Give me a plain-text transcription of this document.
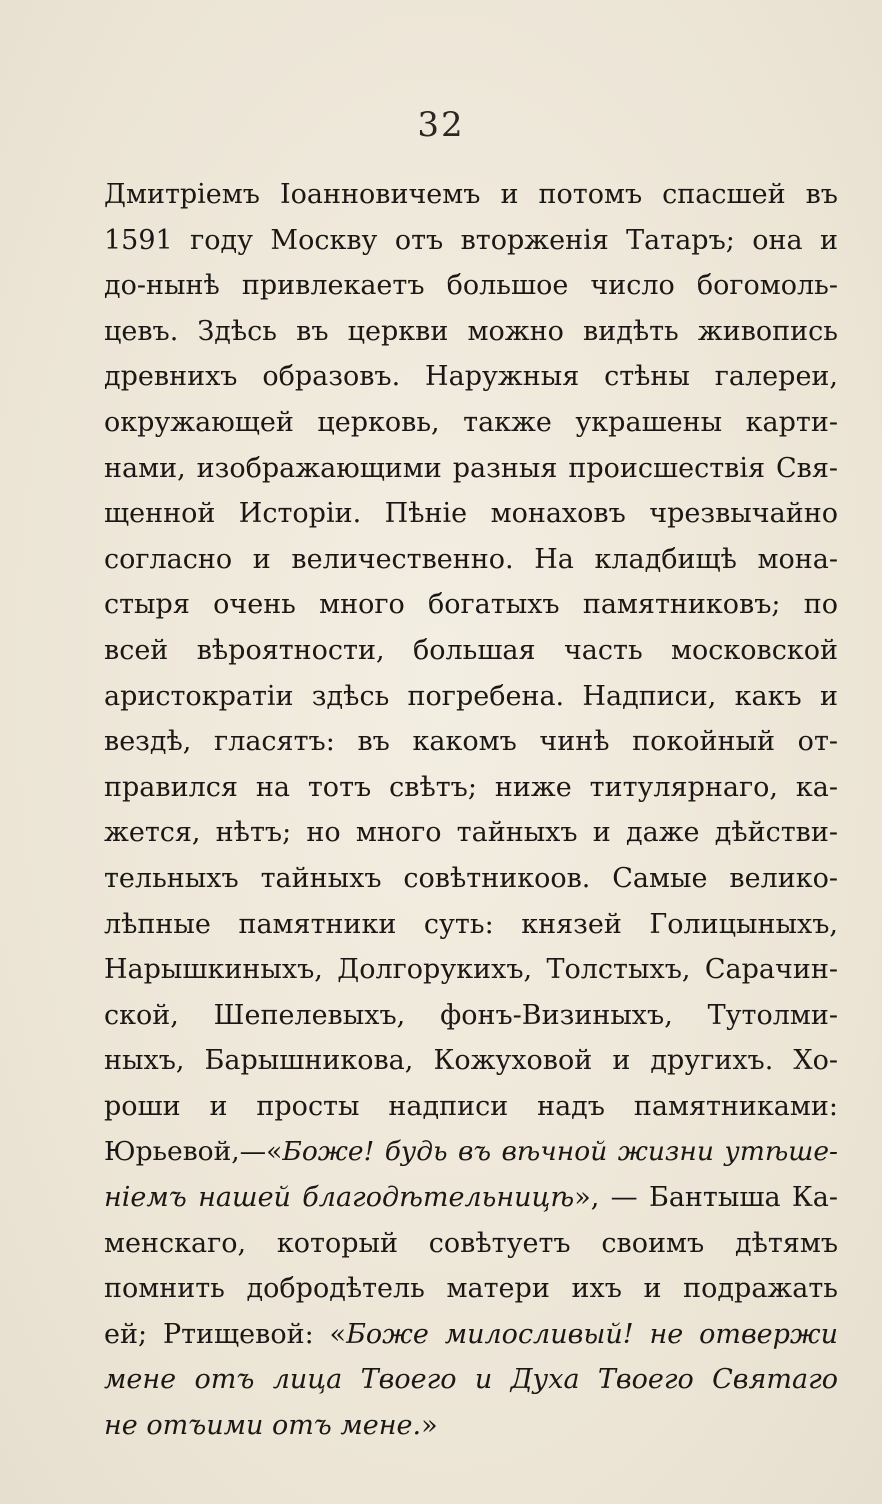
32
Дмитріемъ Іоанновичемъ и потомъ спасшей въ
1591 году Москву отъ вторженія Татаръ; она и
до-нынѣ привлекаетъ большое число богомоль-
цевъ. Здѣсь въ церкви можно видѣть живопись
древнихъ образовъ. Наружныя стѣны галереи,
окружающей церковь, также украшены карти-
нами, изображающими разныя происшествія Свя-
щенной Исторіи. Пѣніе монаховъ чрезвычайно
согласно и величественно. На кладбищѣ мона-
стыря очень много богатыхъ памятниковъ; по
всей вѣроятности, большая часть московской
аристократіи здѣсь погребена. Надписи, какъ и
вездѣ, гласятъ: въ какомъ чинѣ покойный от-
правился на тотъ свѣтъ; ниже титулярнаго, ка-
жется, нѣтъ; но много тайныхъ и даже дѣйстви-
тельныхъ тайныхъ совѣтникоов. Самые велико-
лѣпные памятники суть: князей Голицыныхъ,
Нарышкиныхъ, Долгорукихъ, Толстыхъ, Сарачин-
ской, Шепелевыхъ, фонъ-Визиныхъ, Тутолми-
ныхъ, Барышникова, Кожуховой и другихъ. Хо-
роши и просты надписи надъ памятниками:
Юрьевой,—«Боже! будь въ вѣчной жизни утѣше-
ніемъ нашей благодѣтельницѣ», — Бантыша Ка-
менскаго, который совѣтуетъ своимъ дѣтямъ
помнить добродѣтель матери ихъ и подражать
ей; Ртищевой: «Боже милосливый! не отвержи
мене отъ лица Твоего и Духа Твоего Святаго
не отъими отъ мене.»
